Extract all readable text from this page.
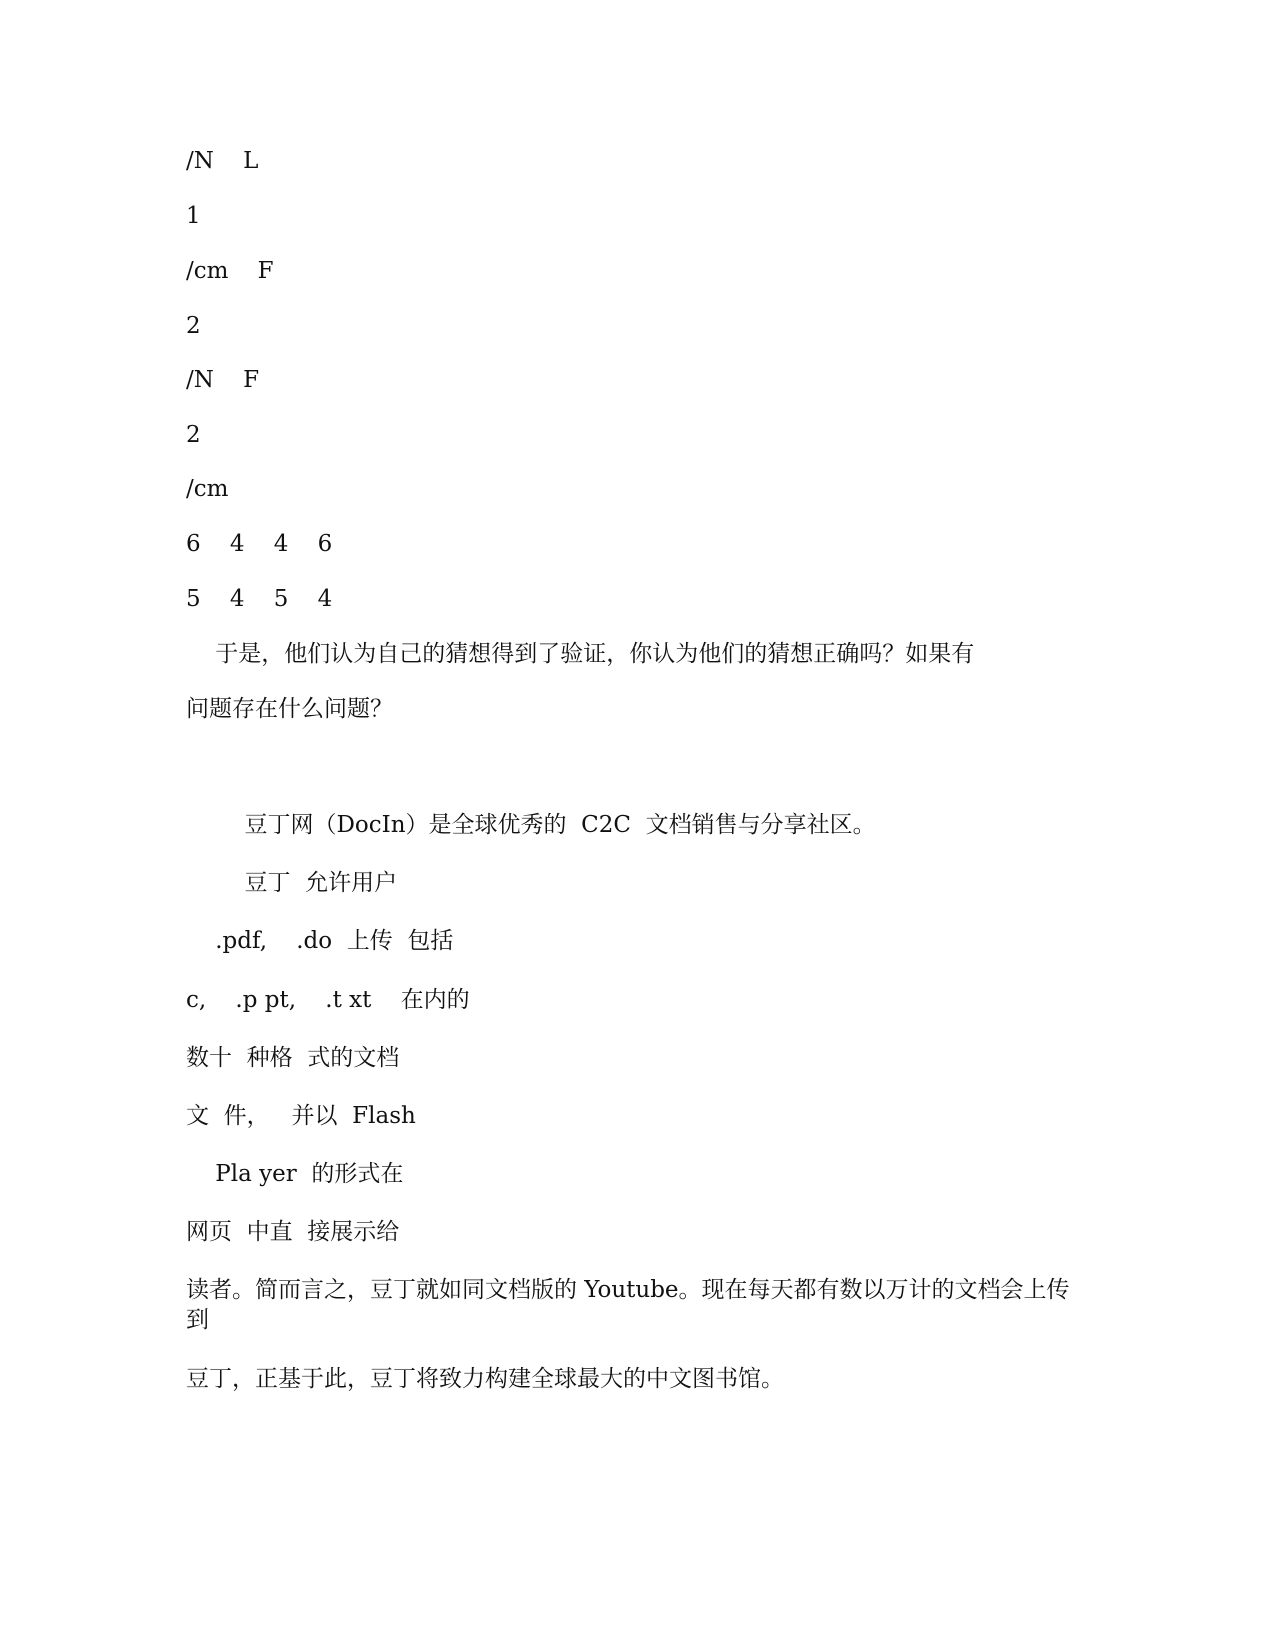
/N    L
1
/cm    F
2
/N    F
2
/cm
6    4    4    6
5    4    5    4
于是，他们认为自己的猜想得到了验证，你认为他们的猜想正确吗？如果有
问题存在什么问题？
豆丁网（DocIn）是全球优秀的  C2C  文档销售与分享社区。
豆丁  允许用户
.pdf,    .do  上传  包括
c,    .p pt,    .t xt    在内的
数十  种格  式的文档
文  件，   并以  Flash
Pla yer  的形式在
网页  中直  接展示给
读者。简而言之，豆丁就如同文档版的 Youtube。现在每天都有数以万计的文档会上传到
豆丁，正基于此，豆丁将致力构建全球最大的中文图书馆。
